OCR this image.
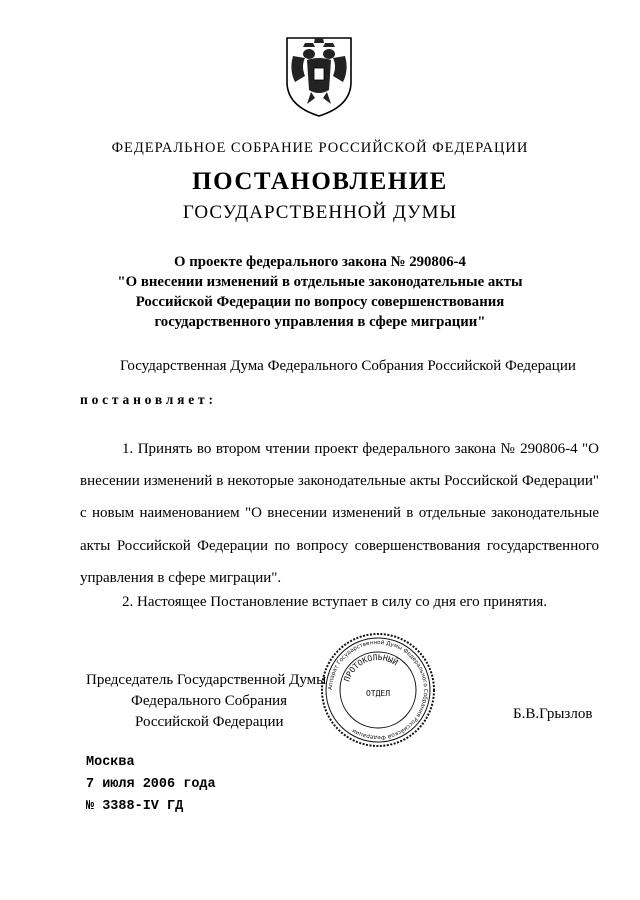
ФЕДЕРАЛЬНОЕ СОБРАНИЕ РОССИЙСКОЙ ФЕДЕРАЦИИ
ПОСТАНОВЛЕНИЕ
ГОСУДАРСТВЕННОЙ ДУМЫ
О проекте федерального закона № 290806-4
"О внесении изменений в отдельные законодательные акты
Российской Федерации по вопросу совершенствования
государственного управления в сфере миграции"
Государственная Дума Федерального Собрания Российской Федерации
постановляет:
1. Принять во втором чтении проект федерального закона № 290806-4 "О внесении изменений в некоторые законодательные акты Российской Федерации" с новым наименованием "О внесении изменений в отдельные законодательные акты Российской Федерации по вопросу совершенствования государственного управления в сфере миграции".
2. Настоящее Постановление вступает в силу со дня его принятия.
Председатель Государственной Думы
Федерального Собрания
Российской Федерации	Б.В.Грызлов
Аппарат Государственной Думы Федерального Собрания Российской Федерации
ПРОТОКОЛЬНЫЙ
ОТДЕЛ
Москва
7 июля 2006 года
№ 3388-IV ГД
